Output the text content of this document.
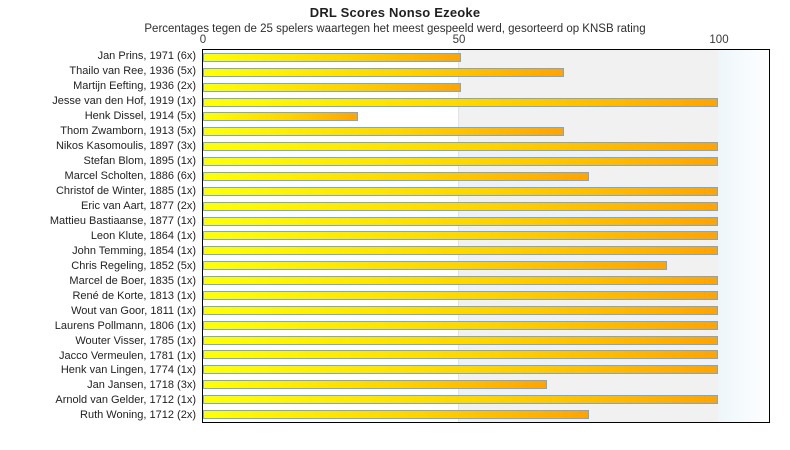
DRL Scores Nonso Ezeoke
Percentages tegen de 25 spelers waartegen het meest gespeeld werd, gesorteerd op KNSB rating
0	50	100
Jan Prins, 1971 (6x)
Thailo van Ree, 1936 (5x)
Martijn Eefting, 1936 (2x)
Jesse van den Hof, 1919 (1x)
Henk Dissel, 1914 (5x)
Thom Zwamborn, 1913 (5x)
Nikos Kasomoulis, 1897 (3x)
Stefan Blom, 1895 (1x)
Marcel Scholten, 1886 (6x)
Christof de Winter, 1885 (1x)
Eric van Aart, 1877 (2x)
Mattieu Bastiaanse, 1877 (1x)
Leon Klute, 1864 (1x)
John Temming, 1854 (1x)
Chris Regeling, 1852 (5x)
Marcel de Boer, 1835 (1x)
René de Korte, 1813 (1x)
Wout van Goor, 1811 (1x)
Laurens Pollmann, 1806 (1x)
Wouter Visser, 1785 (1x)
Jacco Vermeulen, 1781 (1x)
Henk van Lingen, 1774 (1x)
Jan Jansen, 1718 (3x)
Arnold van Gelder, 1712 (1x)
Ruth Woning, 1712 (2x)
